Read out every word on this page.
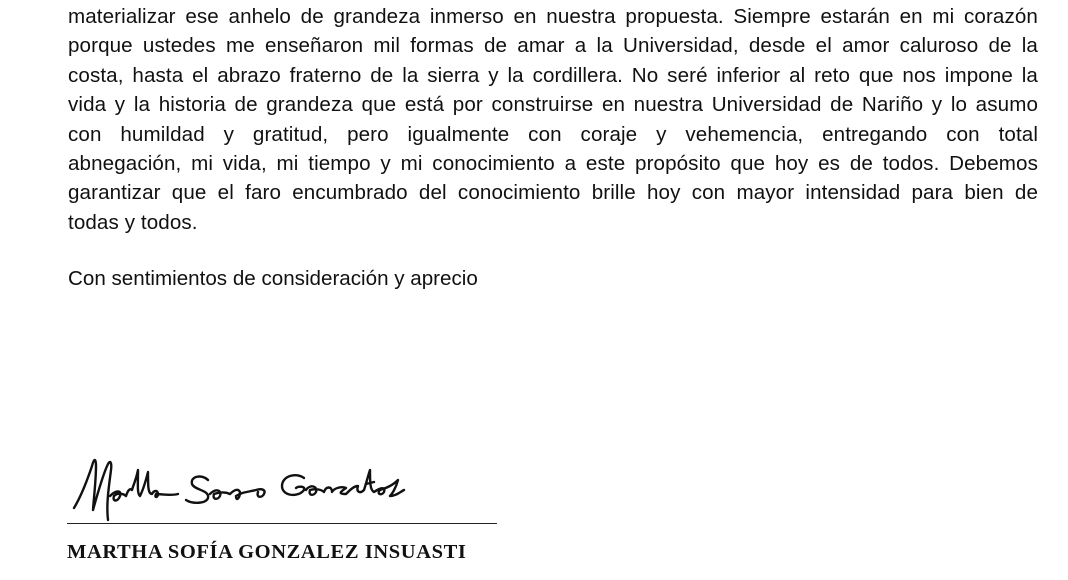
materializar ese anhelo de grandeza inmerso en nuestra propuesta. Siempre estarán en mi corazón
porque ustedes me enseñaron mil formas de amar a la Universidad, desde el amor caluroso de la
costa, hasta el abrazo fraterno de la sierra y la cordillera. No seré inferior al reto que nos impone la
vida y la historia de grandeza que está por construirse en nuestra Universidad de Nariño y lo asumo
con humildad y gratitud, pero igualmente con coraje y vehemencia, entregando con total
abnegación, mi vida, mi tiempo y mi conocimiento a este propósito que hoy es de todos. Debemos
garantizar que el faro encumbrado del conocimiento brille hoy con mayor intensidad para bien de
todas y todos.

Con sentimientos de consideración y aprecio

MARTHA SOFÍA GONZALEZ INSUASTI
